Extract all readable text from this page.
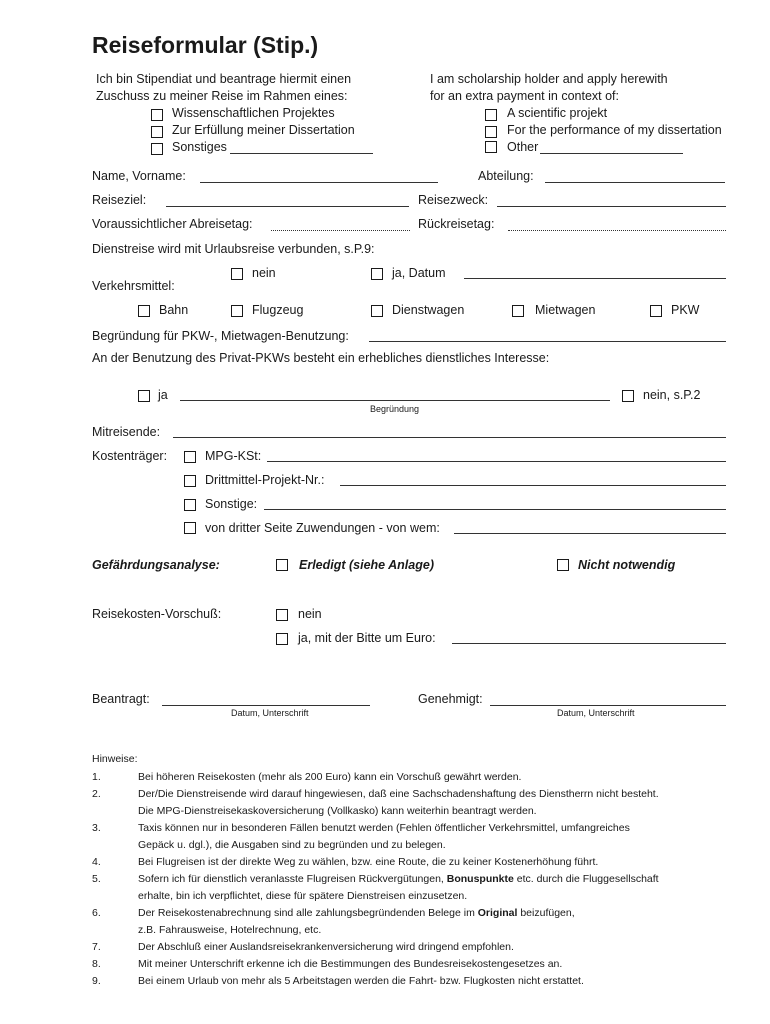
Reiseformular (Stip.)
Ich bin Stipendiat und beantrage hiermit einen
Zuschuss zu meiner Reise im Rahmen eines:
I am scholarship holder and apply herewith
for an extra payment in context of:
Wissenschaftlichen Projektes
Zur Erfüllung meiner Dissertation
Sonstiges
A scientific projekt
For the performance of my dissertation
Other
Name, Vorname:	Abteilung:
Reiseziel:	Reisezweck:
Voraussichtlicher Abreisetag:	Rückreisetag:
Dienstreise wird mit Urlaubsreise verbunden, s.P.9:
nein	ja, Datum
Verkehrsmittel:
Bahn	Flugzeug	Dienstwagen	Mietwagen	PKW
Begründung für PKW-, Mietwagen-Benutzung:
An der Benutzung des Privat-PKWs besteht ein erhebliches dienstliches Interesse:
ja
Begründung
nein, s.P.2
Mitreisende:
Kostenträger:	MPG-KSt:
Drittmittel-Projekt-Nr.:
Sonstige:
von dritter Seite Zuwendungen - von wem:
Gefährdungsanalyse:	Erledigt (siehe Anlage)	Nicht notwendig
Reisekosten-Vorschuß:	nein
ja, mit der Bitte um Euro:
Beantragt:
Datum, Unterschrift
Genehmigt:
Datum, Unterschrift
Hinweise:
1.	Bei höheren Reisekosten (mehr als 200 Euro) kann ein Vorschuß gewährt werden.
2.	Der/Die Dienstreisende wird darauf hingewiesen, daß eine Sachschadenshaftung des Dienstherrn nicht besteht.
Die MPG-Dienstreisekaskoversicherung (Vollkasko) kann weiterhin beantragt werden.
3.	Taxis können nur in besonderen Fällen benutzt werden (Fehlen öffentlicher Verkehrsmittel, umfangreiches
Gepäck u. dgl.), die Ausgaben sind zu begründen und zu belegen.
4.	Bei Flugreisen ist der direkte Weg zu wählen, bzw. eine Route, die zu keiner Kostenerhöhung führt.
5.	Sofern ich für dienstlich veranlasste Flugreisen Rückvergütungen, Bonuspunkte etc. durch die Fluggesellschaft
erhalte, bin ich verpflichtet, diese für spätere Dienstreisen einzusetzen.
6.	Der Reisekostenabrechnung sind alle zahlungsbegründenden Belege im Original beizufügen,
z.B. Fahrausweise, Hotelrechnung, etc.
7.	Der Abschluß einer Auslandsreisekrankenversicherung wird dringend empfohlen.
8.	Mit meiner Unterschrift erkenne ich die Bestimmungen des Bundesreisekostengesetzes an.
9.	Bei einem Urlaub von mehr als 5 Arbeitstagen werden die Fahrt- bzw. Flugkosten nicht erstattet.
